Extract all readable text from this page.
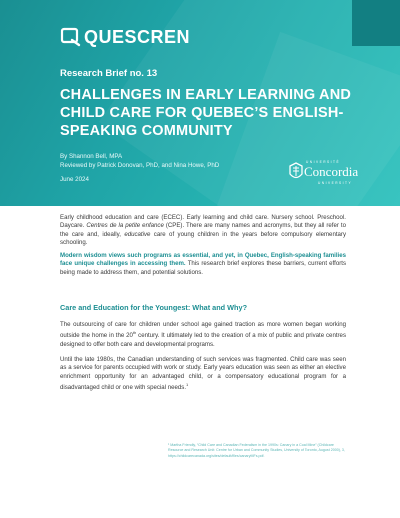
QUESCREN
Research Brief no. 13
CHALLENGES IN EARLY LEARNING AND CHILD CARE FOR QUEBEC’S ENGLISH-SPEAKING COMMUNITY
By Shannon Bell, MPA
Reviewed by Patrick Donovan, PhD, and Nina Howe, PhD
June 2024
UNIVERSITÉ
Concordia
UNIVERSITY

Early childhood education and care (ECEC). Early learning and child care. Nursery school. Preschool. Daycare. Centres de la petite enfance (CPE). There are many names and acronyms, but they all refer to the care and, ideally, educative care of young children in the years before compulsory elementary schooling.

Modern wisdom views such programs as essential, and yet, in Quebec, English-speaking families face unique challenges in accessing them. This research brief explores these barriers, current efforts being made to address them, and potential solutions.

Care and Education for the Youngest: What and Why?

The outsourcing of care for children under school age gained traction as more women began working outside the home in the 20th century. It ultimately led to the creation of a mix of public and private centres designed to offer both care and developmental programs.

Until the late 1980s, the Canadian understanding of such services was fragmented. Child care was seen as a service for parents occupied with work or study. Early years education was seen as either an elective enrichment opportunity for an advantaged child, or a compensatory educational program for a disadvantaged child or one with special needs.$^1$

¹ Martha Friendly, “Child Care and Canadian Federalism in the 1990s: Canary in a Coal Mine” (Childcare Resource and Research Unit: Centre for Urban and Community Studies, University of Toronto, August 2000), 3, https://childcarecanada.org/sites/default/files/canaryMFs.pdf.
